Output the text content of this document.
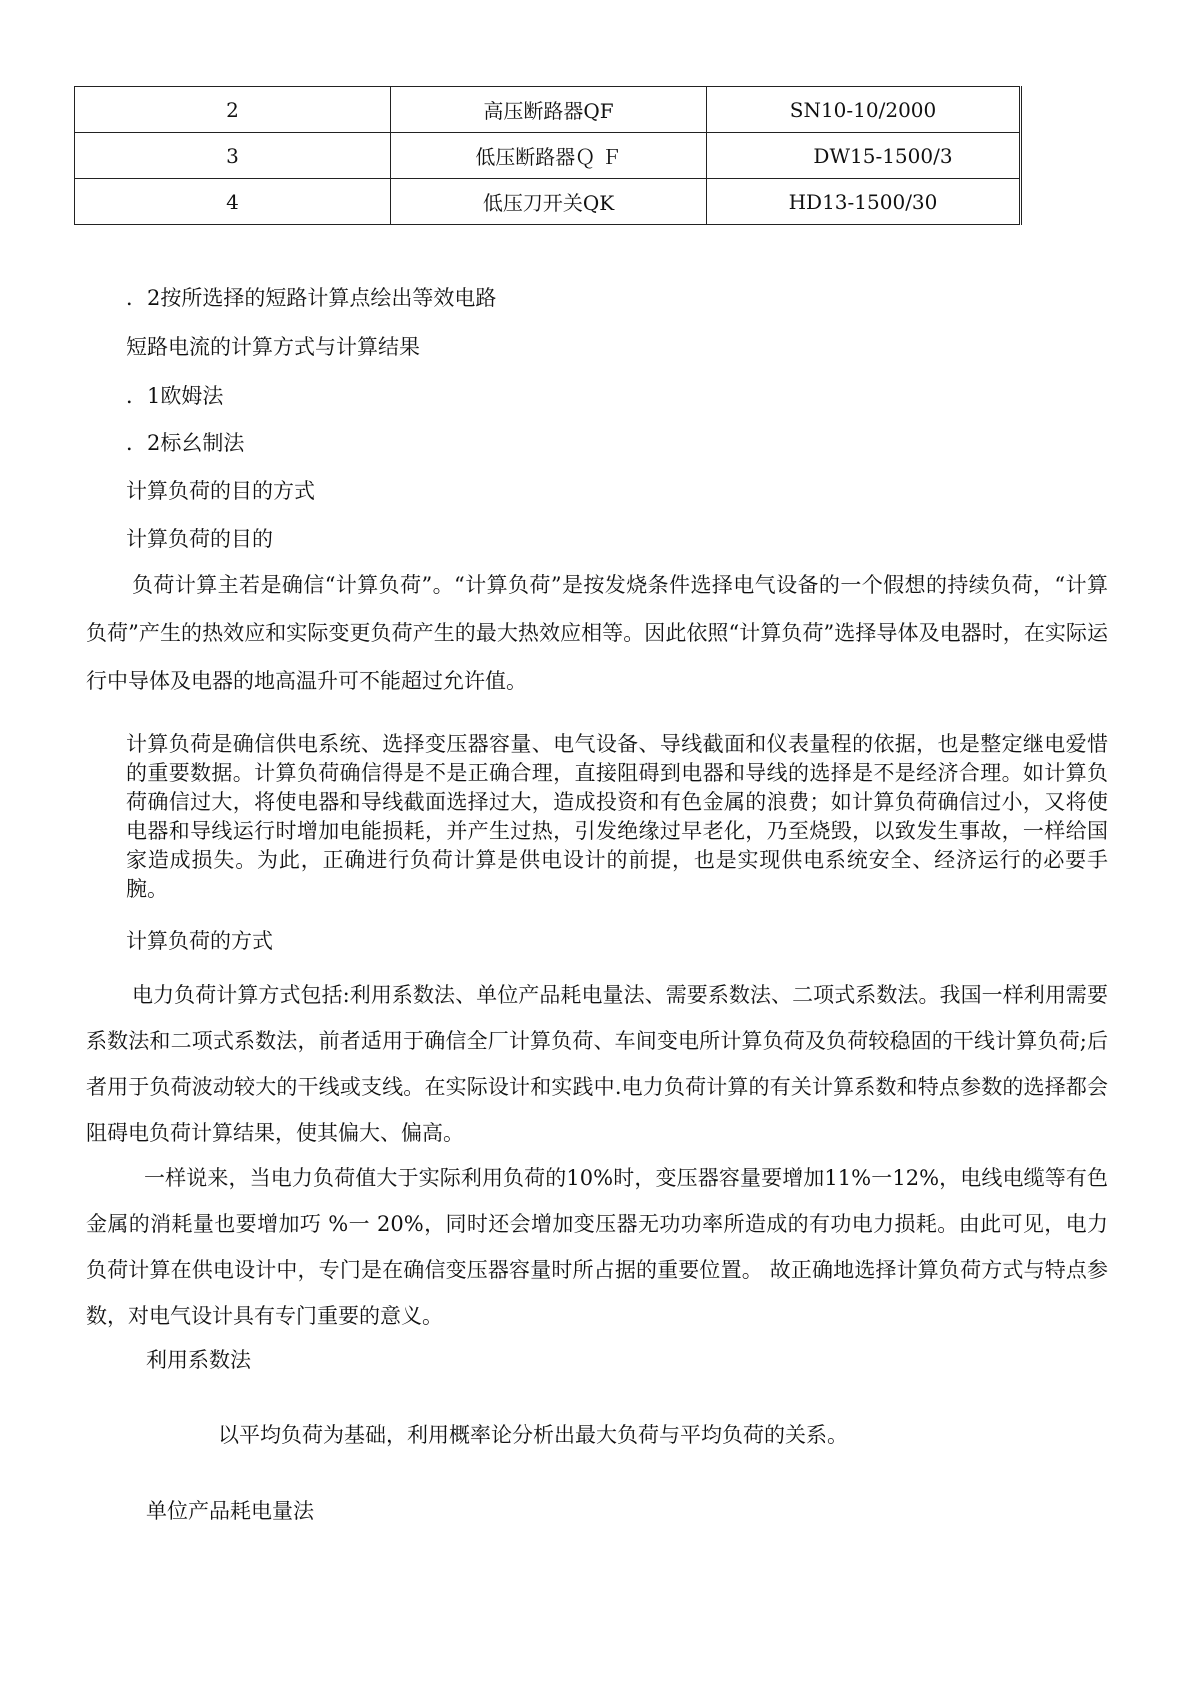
2	高压断路器QF	SN10-10/2000
3	低压断路器Ｑ Ｆ	DW15-1500/3
4	低压刀开关QK	HD13-1500/30

．2按所选择的短路计算点绘出等效电路

短路电流的计算方式与计算结果

．1欧姆法

．2标幺制法

计算负荷的目的方式

计算负荷的目的

负荷计算主若是确信“计算负荷”。“计算负荷”是按发烧条件选择电气设备的一个假想的持续负荷，“计算负荷”产生的热效应和实际变更负荷产生的最大热效应相等。因此依照“计算负荷”选择导体及电器时，在实际运行中导体及电器的地高温升可不能超过允许值。

计算负荷是确信供电系统、选择变压器容量、电气设备、导线截面和仪表量程的依据，也是整定继电爱惜的重要数据。计算负荷确信得是不是正确合理，直接阻碍到电器和导线的选择是不是经济合理。如计算负荷确信过大，将使电器和导线截面选择过大，造成投资和有色金属的浪费；如计算负荷确信过小，又将使电器和导线运行时增加电能损耗，并产生过热，引发绝缘过早老化，乃至烧毁，以致发生事故，一样给国家造成损失。为此，正确进行负荷计算是供电设计的前提，也是实现供电系统安全、经济运行的必要手腕。

计算负荷的方式

电力负荷计算方式包括:利用系数法、单位产品耗电量法、需要系数法、二项式系数法。我国一样利用需要系数法和二项式系数法，前者适用于确信全厂计算负荷、车间变电所计算负荷及负荷较稳固的干线计算负荷;后者用于负荷波动较大的干线或支线。在实际设计和实践中.电力负荷计算的有关计算系数和特点参数的选择都会阻碍电负荷计算结果，使其偏大、偏高。

一样说来，当电力负荷值大于实际利用负荷的10%时，变压器容量要增加11%一12%，电线电缆等有色金属的消耗量也要增加巧 %一 20%，同时还会增加变压器无功功率所造成的有功电力损耗。由此可见，电力负荷计算在供电设计中，专门是在确信变压器容量时所占据的重要位置。 故正确地选择计算负荷方式与特点参数，对电气设计具有专门重要的意义。

利用系数法

以平均负荷为基础，利用概率论分析出最大负荷与平均负荷的关系。

单位产品耗电量法
